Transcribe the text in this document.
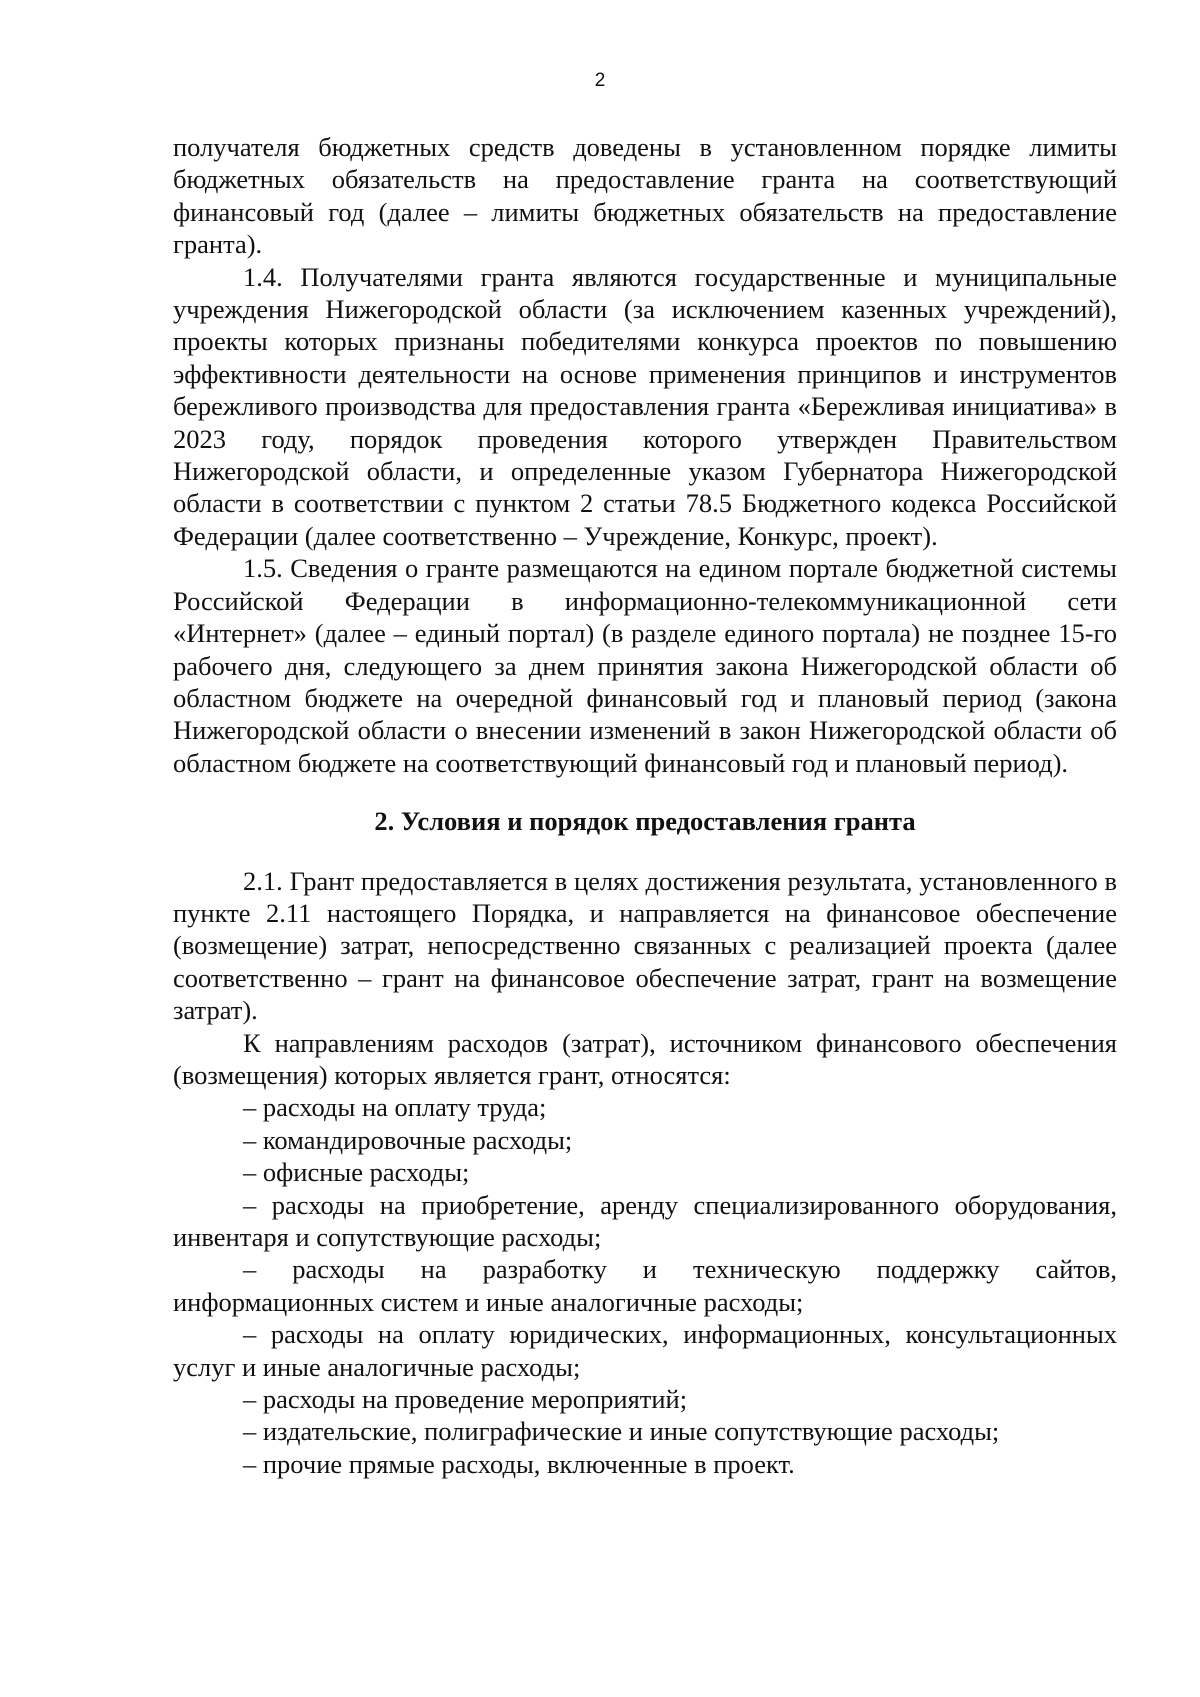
2

получателя бюджетных средств доведены в установленном порядке лимиты бюджетных обязательств на предоставление гранта на соответствующий финансовый год (далее – лимиты бюджетных обязательств на предоставление гранта).

1.4. Получателями гранта являются государственные и муниципальные учреждения Нижегородской области (за исключением казенных учреждений), проекты которых признаны победителями конкурса проектов по повышению эффективности деятельности на основе применения принципов и инструментов бережливого производства для предоставления гранта «Бережливая инициатива» в 2023 году, порядок проведения которого утвержден Правительством Нижегородской области, и определенные указом Губернатора Нижегородской области в соответствии с пунктом 2 статьи 78.5 Бюджетного кодекса Российской Федерации (далее соответственно – Учреждение, Конкурс, проект).

1.5. Сведения о гранте размещаются на едином портале бюджетной системы Российской Федерации в информационно-телекоммуникационной сети «Интернет» (далее – единый портал) (в разделе единого портала) не позднее 15-го рабочего дня, следующего за днем принятия закона Нижегородской области об областном бюджете на очередной финансовый год и плановый период (закона Нижегородской области о внесении изменений в закон Нижегородской области об областном бюджете на соответствующий финансовый год и плановый период).

2. Условия и порядок предоставления гранта

2.1. Грант предоставляется в целях достижения результата, установленного в пункте 2.11 настоящего Порядка, и направляется на финансовое обеспечение (возмещение) затрат, непосредственно связанных с реализацией проекта (далее соответственно – грант на финансовое обеспечение затрат, грант на возмещение затрат).

К направлениям расходов (затрат), источником финансового обеспечения (возмещения) которых является грант, относятся:

– расходы на оплату труда;
– командировочные расходы;
– офисные расходы;
– расходы на приобретение, аренду специализированного оборудования, инвентаря и сопутствующие расходы;
– расходы на разработку и техническую поддержку сайтов, информационных систем и иные аналогичные расходы;
– расходы на оплату юридических, информационных, консультационных услуг и иные аналогичные расходы;
– расходы на проведение мероприятий;
– издательские, полиграфические и иные сопутствующие расходы;
– прочие прямые расходы, включенные в проект.
